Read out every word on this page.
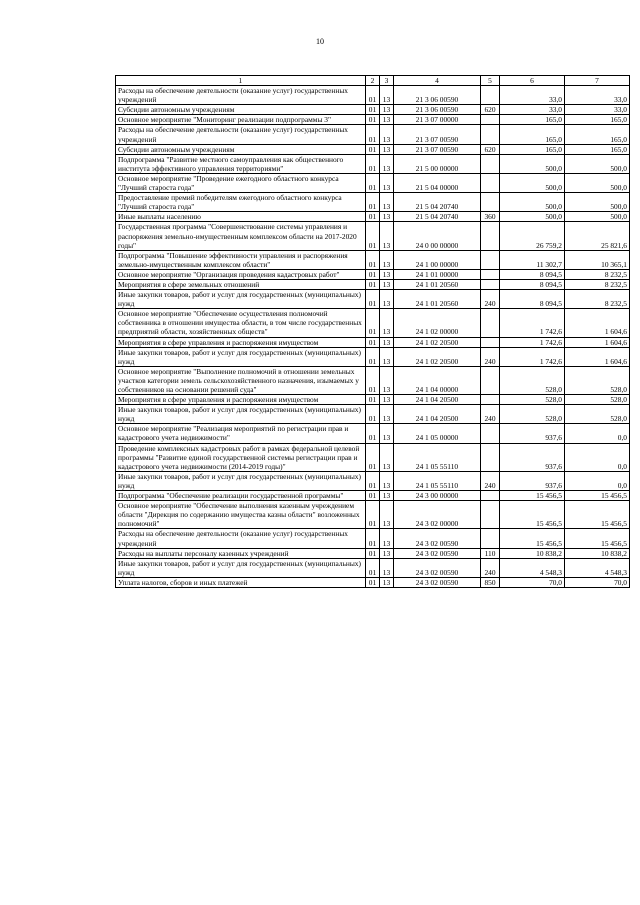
10
1	2	3	4	5	6	7
Расходы на обеспечение деятельности (оказание услуг) государственных учреждений	01	13	21 3 06 00590		33,0	33,0
Субсидии автономным учреждениям	01	13	21 3 06 00590	620	33,0	33,0
Основное мероприятие "Мониторинг реализации подпрограммы 3"	01	13	21 3 07 00000		165,0	165,0
Расходы на обеспечение деятельности (оказание услуг) государственных учреждений	01	13	21 3 07 00590		165,0	165,0
Субсидии автономным учреждениям	01	13	21 3 07 00590	620	165,0	165,0
Подпрограмма "Развитие местного самоуправления как общественного института эффективного управления территориями"	01	13	21 5 00 00000		500,0	500,0
Основное мероприятие "Проведение ежегодного областного конкурса "Лучший староста года"	01	13	21 5 04 00000		500,0	500,0
Предоставление премий победителям ежегодного областного конкурса "Лучший староста года"	01	13	21 5 04 20740		500,0	500,0
Иные выплаты населению	01	13	21 5 04 20740	360	500,0	500,0
Государственная программа "Совершенствование системы управления и распоряжения земельно-имущественным комплексом области на 2017-2020 годы"	01	13	24 0 00 00000		26 759,2	25 821,6
Подпрограмма "Повышение эффективности управления и распоряжения земельно-имущественным комплексом области"	01	13	24 1 00 00000		11 302,7	10 365,1
Основное мероприятие "Организация проведения кадастровых работ"	01	13	24 1 01 00000		8 094,5	8 232,5
Мероприятия в сфере земельных отношений	01	13	24 1 01 20560		8 094,5	8 232,5
Иные закупки товаров, работ и услуг для государственных (муниципальных) нужд	01	13	24 1 01 20560	240	8 094,5	8 232,5
Основное мероприятие "Обеспечение осуществления полномочий собственника в отношении имущества области, в том числе государственных предприятий области, хозяйственных обществ"	01	13	24 1 02 00000		1 742,6	1 604,6
Мероприятия в сфере управления и распоряжения имуществом	01	13	24 1 02 20500		1 742,6	1 604,6
Иные закупки товаров, работ и услуг для государственных (муниципальных) нужд	01	13	24 1 02 20500	240	1 742,6	1 604,6
Основное мероприятие "Выполнение полномочий в отношении земельных участков категории земель сельскохозяйственного назначения, изымаемых у собственников на основании решений суда"	01	13	24 1 04 00000		528,0	528,0
Мероприятия в сфере управления и распоряжения имуществом	01	13	24 1 04 20500		528,0	528,0
Иные закупки товаров, работ и услуг для государственных (муниципальных) нужд	01	13	24 1 04 20500	240	528,0	528,0
Основное мероприятие "Реализация мероприятий по регистрации прав и кадастрового учета недвижимости"	01	13	24 1 05 00000		937,6	0,0
Проведение комплексных кадастровых работ в рамках федеральной целевой программы "Развитие единой государственной системы регистрации прав и кадастрового учета недвижимости (2014-2019 годы)"	01	13	24 1 05 55110		937,6	0,0
Иные закупки товаров, работ и услуг для государственных (муниципальных) нужд	01	13	24 1 05 55110	240	937,6	0,0
Подпрограмма "Обеспечение реализации государственной программы"	01	13	24 3 00 00000		15 456,5	15 456,5
Основное мероприятие "Обеспечение выполнения казенным учреждением области "Дирекция по содержанию имущества казны области" возложенных полномочий"	01	13	24 3 02 00000		15 456,5	15 456,5
Расходы на обеспечение деятельности (оказание услуг) государственных учреждений	01	13	24 3 02 00590		15 456,5	15 456,5
Расходы на выплаты персоналу казенных учреждений	01	13	24 3 02 00590	110	10 838,2	10 838,2
Иные закупки товаров, работ и услуг для государственных (муниципальных) нужд	01	13	24 3 02 00590	240	4 548,3	4 548,3
Уплата налогов, сборов и иных платежей	01	13	24 3 02 00590	850	70,0	70,0
